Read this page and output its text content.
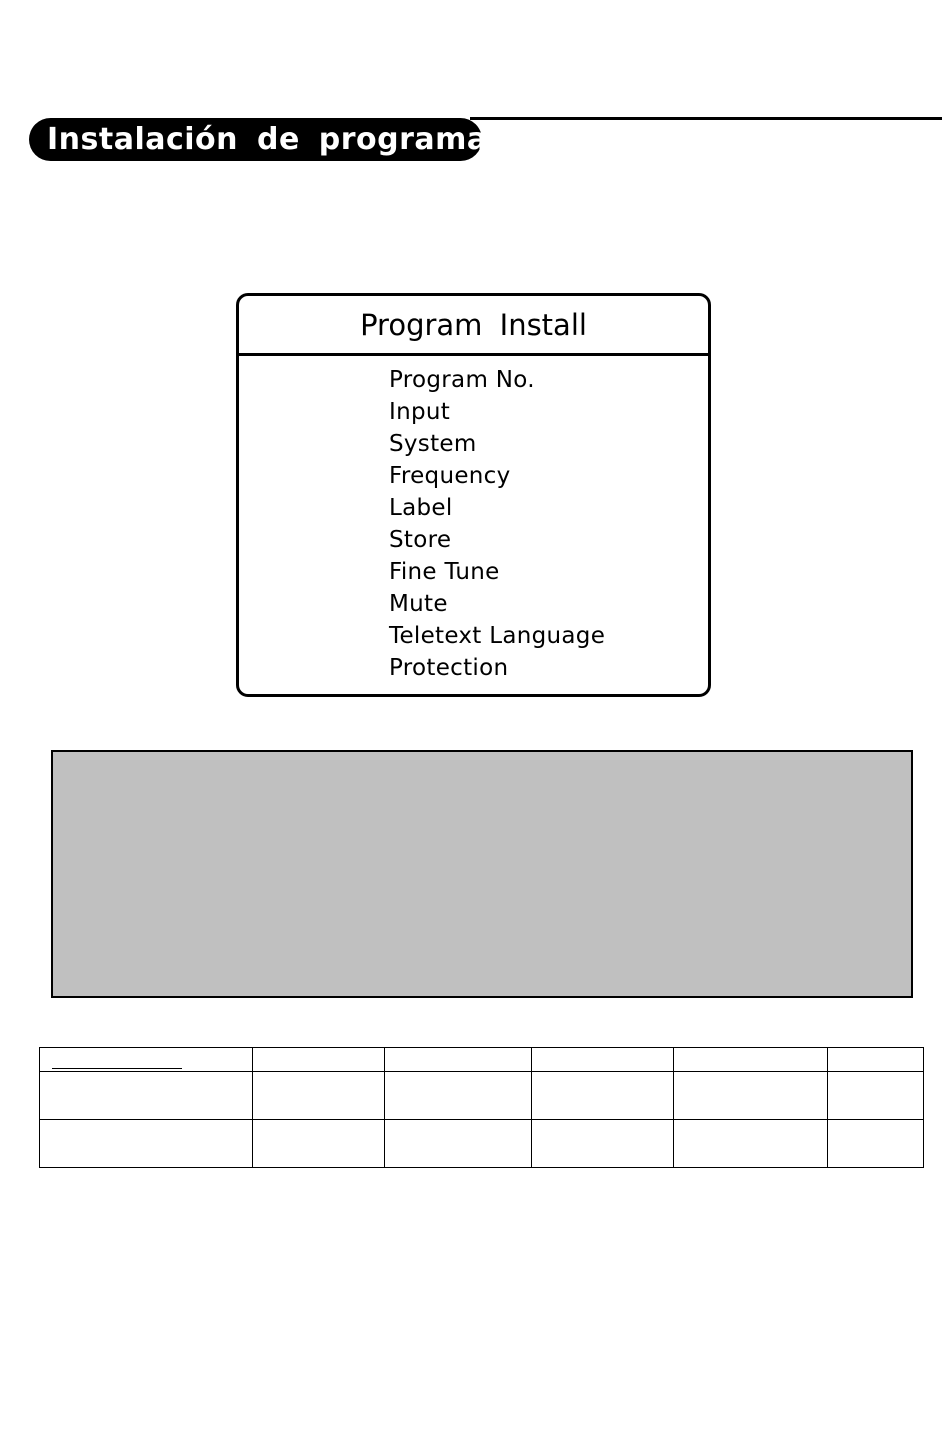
Instalación de programas
Program Install
Program No.
Input
System
Frequency
Label
Store
Fine Tune
Mute
Teletext Language
Protection
